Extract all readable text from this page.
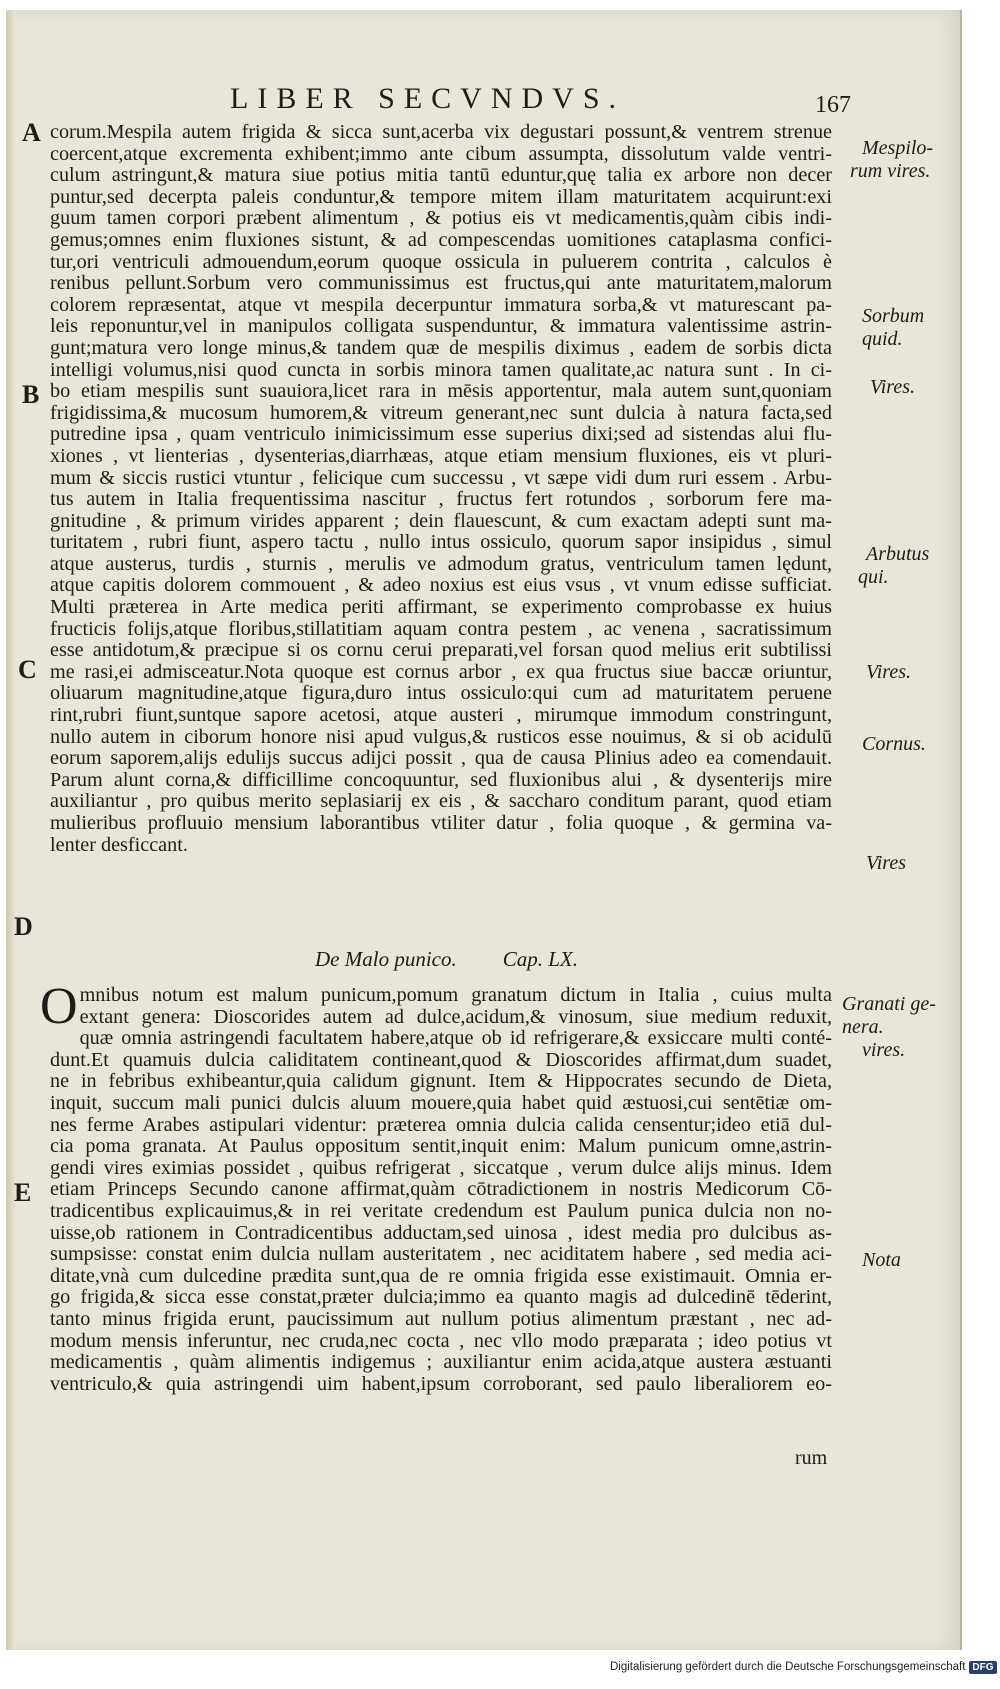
LIBER SECVNDVS.	167
A
B
C
D
E
Mespilo-
rum vires.
Sorbum
quid.
Vires.
Arbutus
qui.
Vires.
Cornus.
Vires
Granati ge-
nera.
vires.
Nota
corum.Mespila autem frigida & sicca sunt,acerba vix degustari possunt,& ventrem strenue
coercent,atque excrementa exhibent;immo ante cibum assumpta, dissolutum valde ventri-
culum astringunt,& matura siue potius mitia tantū eduntur,quę talia ex arbore non decer
puntur,sed decerpta paleis conduntur,& tempore mitem illam maturitatem acquirunt:exi
guum tamen corpori præbent alimentum , & potius eis vt medicamentis,quàm cibis indi-
gemus;omnes enim fluxiones sistunt, & ad compescendas uomitiones cataplasma confici-
tur,ori ventriculi admouendum,eorum quoque ossicula in puluerem contrita , calculos è
renibus pellunt.Sorbum vero communissimus est fructus,qui ante maturitatem,malorum
colorem repræsentat, atque vt mespila decerpuntur immatura sorba,& vt maturescant pa-
leis reponuntur,vel in manipulos colligata suspenduntur, & immatura valentissime astrin-
gunt;matura vero longe minus,& tandem quæ de mespilis diximus , eadem de sorbis dicta
intelligi volumus,nisi quod cuncta in sorbis minora tamen qualitate,ac natura sunt . In ci-
bo etiam mespilis sunt suauiora,licet rara in mēsis apportentur, mala autem sunt,quoniam
frigidissima,& mucosum humorem,& vitreum generant,nec sunt dulcia à natura facta,sed
putredine ipsa , quam ventriculo inimicissimum esse superius dixi;sed ad sistendas alui flu-
xiones , vt lienterias , dysenterias,diarrhæas, atque etiam mensium fluxiones, eis vt pluri-
mum & siccis rustici vtuntur , felicique cum successu , vt sæpe vidi dum ruri essem . Arbu-
tus autem in Italia frequentissima nascitur , fructus fert rotundos , sorborum fere ma-
gnitudine , & primum virides apparent ; dein flauescunt, & cum exactam adepti sunt ma-
turitatem , rubri fiunt, aspero tactu , nullo intus ossiculo, quorum sapor insipidus , simul
atque austerus, turdis , sturnis , merulis ve admodum gratus, ventriculum tamen lędunt,
atque capitis dolorem commouent , & adeo noxius est eius vsus , vt vnum edisse sufficiat.
Multi præterea in Arte medica periti affirmant, se experimento comprobasse ex huius
fructicis folijs,atque floribus,stillatitiam aquam contra pestem , ac venena , sacratissimum
esse antidotum,& præcipue si os cornu cerui preparati,vel forsan quod melius erit subtilissi
me rasi,ei admisceatur.Nota quoque est cornus arbor , ex qua fructus siue baccæ oriuntur,
oliuarum magnitudine,atque figura,duro intus ossiculo:qui cum ad maturitatem peruene
rint,rubri fiunt,suntque sapore acetosi, atque austeri , mirumque immodum constringunt,
nullo autem in ciborum honore nisi apud vulgus,& rusticos esse nouimus, & si ob acidulū
eorum saporem,alijs edulijs succus adijci possit , qua de causa Plinius adeo ea comendauit.
Parum alunt corna,& difficillime concoquuntur, sed fluxionibus alui , & dysenterijs mire
auxiliantur , pro quibus merito seplasiarij ex eis , & saccharo conditum parant, quod etiam
mulieribus profluuio mensium laborantibus vtiliter datur , folia quoque , & germina va-
lenter desficcant.
De Malo punico. Cap. LX.
O mnibus notum est malum punicum,pomum granatum dictum in Italia , cuius multa
extant genera: Dioscorides autem ad dulce,acidum,& vinosum, siue medium reduxit,
quæ omnia astringendi facultatem habere,atque ob id refrigerare,& exsiccare multi conté-
dunt.Et quamuis dulcia caliditatem contineant,quod & Dioscorides affirmat,dum suadet,
ne in febribus exhibeantur,quia calidum gignunt. Item & Hippocrates secundo de Dieta,
inquit, succum mali punici dulcis aluum mouere,quia habet quid æstuosi,cui sentētiæ om-
nes ferme Arabes astipulari videntur: præterea omnia dulcia calida censentur;ideo etiā dul-
cia poma granata. At Paulus oppositum sentit,inquit enim: Malum punicum omne,astrin-
gendi vires eximias possidet , quibus refrigerat , siccatque , verum dulce alijs minus. Idem
etiam Princeps Secundo canone affirmat,quàm cōtradictionem in nostris Medicorum Cō-
tradicentibus explicauimus,& in rei veritate credendum est Paulum punica dulcia non no-
uisse,ob rationem in Contradicentibus adductam,sed uinosa , idest media pro dulcibus as-
sumpsisse: constat enim dulcia nullam austeritatem , nec aciditatem habere , sed media aci-
ditate,vnà cum dulcedine prædita sunt,qua de re omnia frigida esse existimauit. Omnia er-
go frigida,& sicca esse constat,præter dulcia;immo ea quanto magis ad dulcedinē tēderint,
tanto minus frigida erunt, paucissimum aut nullum potius alimentum præstant , nec ad-
modum mensis inferuntur, nec cruda,nec cocta , nec vllo modo præparata ; ideo potius vt
medicamentis , quàm alimentis indigemus ; auxiliantur enim acida,atque austera æstuanti
ventriculo,& quia astringendi uim habent,ipsum corroborant, sed paulo liberaliorem eo-
rum
Digitalisierung gefördert durch die Deutsche Forschungsgemeinschaft DFG
